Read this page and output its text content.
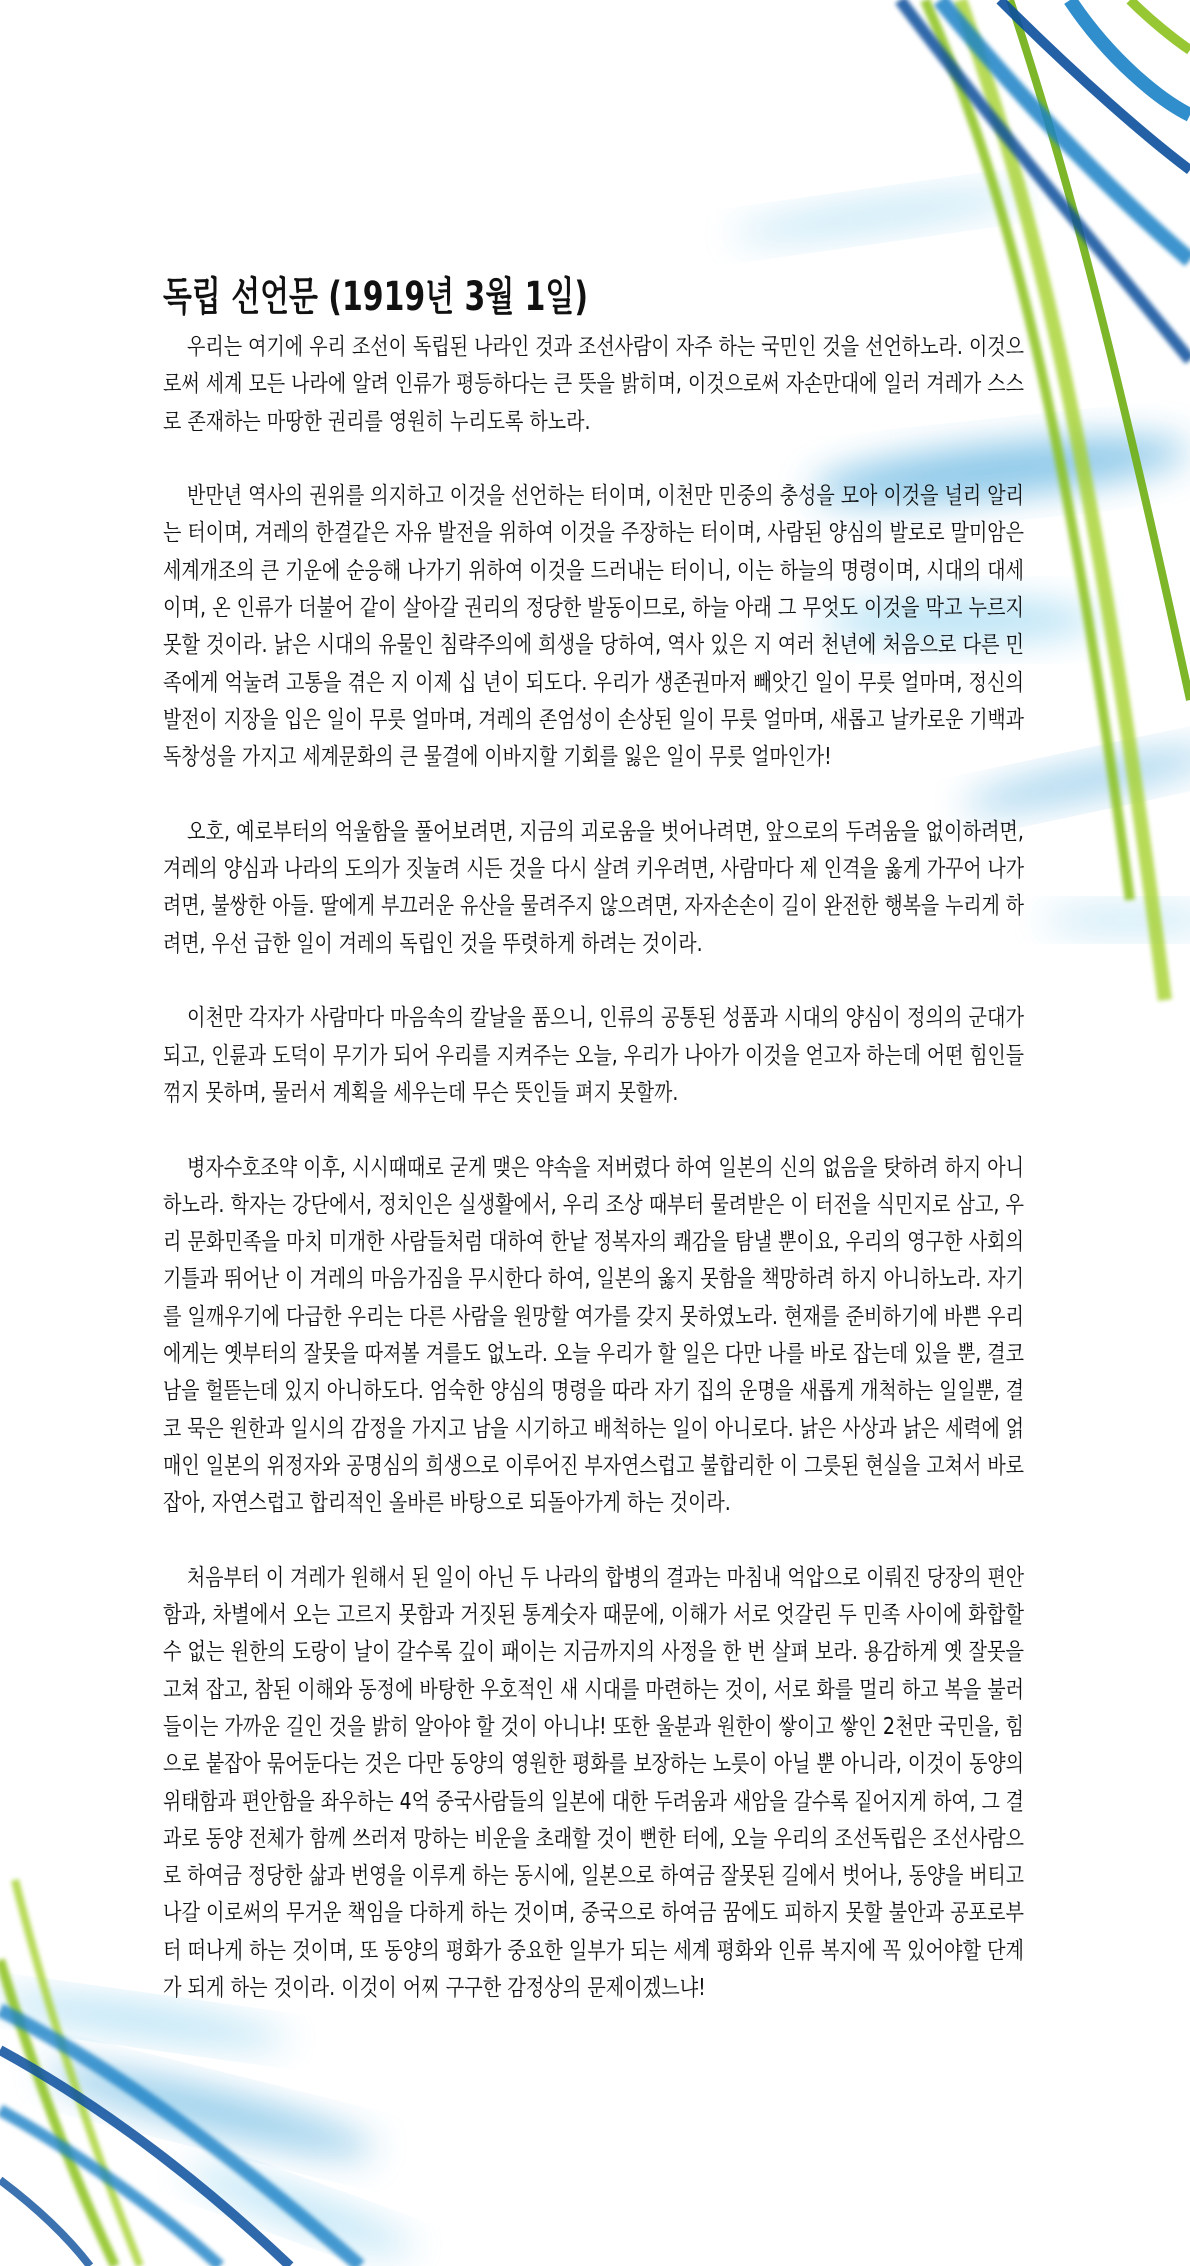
독립 선언문 (1919년 3월 1일)
우리는 여기에 우리 조선이 독립된 나라인 것과 조선사람이 자주 하는 국민인 것을 선언하노라. 이것으
로써 세계 모든 나라에 알려 인류가 평등하다는 큰 뜻을 밝히며, 이것으로써 자손만대에 일러 겨레가 스스
로 존재하는 마땅한 권리를 영원히 누리도록 하노라.
반만년 역사의 권위를 의지하고 이것을 선언하는 터이며, 이천만 민중의 충성을 모아 이것을 널리 알리
는 터이며, 겨레의 한결같은 자유 발전을 위하여 이것을 주장하는 터이며, 사람된 양심의 발로로 말미암은
세계개조의 큰 기운에 순응해 나가기 위하여 이것을 드러내는 터이니, 이는 하늘의 명령이며, 시대의 대세
이며, 온 인류가 더불어 같이 살아갈 권리의 정당한 발동이므로, 하늘 아래 그 무엇도 이것을 막고 누르지
못할 것이라. 낡은 시대의 유물인 침략주의에 희생을 당하여, 역사 있은 지 여러 천년에 처음으로 다른 민
족에게 억눌려 고통을 겪은 지 이제 십 년이 되도다. 우리가 생존권마저 빼앗긴 일이 무릇 얼마며, 정신의
발전이 지장을 입은 일이 무릇 얼마며, 겨레의 존엄성이 손상된 일이 무릇 얼마며, 새롭고 날카로운 기백과
독창성을 가지고 세계문화의 큰 물결에 이바지할 기회를 잃은 일이 무릇 얼마인가!
오호, 예로부터의 억울함을 풀어보려면, 지금의 괴로움을 벗어나려면, 앞으로의 두려움을 없이하려면,
겨레의 양심과 나라의 도의가 짓눌려 시든 것을 다시 살려 키우려면, 사람마다 제 인격을 옳게 가꾸어 나가
려면, 불쌍한 아들. 딸에게 부끄러운 유산을 물려주지 않으려면, 자자손손이 길이 완전한 행복을 누리게 하
려면, 우선 급한 일이 겨레의 독립인 것을 뚜렷하게 하려는 것이라.
이천만 각자가 사람마다 마음속의 칼날을 품으니, 인류의 공통된 성품과 시대의 양심이 정의의 군대가
되고, 인륜과 도덕이 무기가 되어 우리를 지켜주는 오늘, 우리가 나아가 이것을 얻고자 하는데 어떤 힘인들
꺾지 못하며, 물러서 계획을 세우는데 무슨 뜻인들 펴지 못할까.
병자수호조약 이후, 시시때때로 굳게 맺은 약속을 저버렸다 하여 일본의 신의 없음을 탓하려 하지 아니
하노라. 학자는 강단에서, 정치인은 실생활에서, 우리 조상 때부터 물려받은 이 터전을 식민지로 삼고, 우
리 문화민족을 마치 미개한 사람들처럼 대하여 한낱 정복자의 쾌감을 탐낼 뿐이요, 우리의 영구한 사회의
기틀과 뛰어난 이 겨레의 마음가짐을 무시한다 하여, 일본의 옳지 못함을 책망하려 하지 아니하노라. 자기
를 일깨우기에 다급한 우리는 다른 사람을 원망할 여가를 갖지 못하였노라. 현재를 준비하기에 바쁜 우리
에게는 옛부터의 잘못을 따져볼 겨를도 없노라. 오늘 우리가 할 일은 다만 나를 바로 잡는데 있을 뿐, 결코
남을 헐뜯는데 있지 아니하도다. 엄숙한 양심의 명령을 따라 자기 집의 운명을 새롭게 개척하는 일일뿐, 결
코 묵은 원한과 일시의 감정을 가지고 남을 시기하고 배척하는 일이 아니로다. 낡은 사상과 낡은 세력에 얽
매인 일본의 위정자와 공명심의 희생으로 이루어진 부자연스럽고 불합리한 이 그릇된 현실을 고쳐서 바로
잡아, 자연스럽고 합리적인 올바른 바탕으로 되돌아가게 하는 것이라.
처음부터 이 겨레가 원해서 된 일이 아닌 두 나라의 합병의 결과는 마침내 억압으로 이뤄진 당장의 편안
함과, 차별에서 오는 고르지 못함과 거짓된 통계숫자 때문에, 이해가 서로 엇갈린 두 민족 사이에 화합할
수 없는 원한의 도랑이 날이 갈수록 깊이 패이는 지금까지의 사정을 한 번 살펴 보라. 용감하게 옛 잘못을
고쳐 잡고, 참된 이해와 동정에 바탕한 우호적인 새 시대를 마련하는 것이, 서로 화를 멀리 하고 복을 불러
들이는 가까운 길인 것을 밝히 알아야 할 것이 아니냐! 또한 울분과 원한이 쌓이고 쌓인 2천만 국민을, 힘
으로 붙잡아 묶어둔다는 것은 다만 동양의 영원한 평화를 보장하는 노릇이 아닐 뿐 아니라, 이것이 동양의
위태함과 편안함을 좌우하는 4억 중국사람들의 일본에 대한 두려움과 새암을 갈수록 짙어지게 하여, 그 결
과로 동양 전체가 함께 쓰러져 망하는 비운을 초래할 것이 뻔한 터에, 오늘 우리의 조선독립은 조선사람으
로 하여금 정당한 삶과 번영을 이루게 하는 동시에, 일본으로 하여금 잘못된 길에서 벗어나, 동양을 버티고
나갈 이로써의 무거운 책임을 다하게 하는 것이며, 중국으로 하여금 꿈에도 피하지 못할 불안과 공포로부
터 떠나게 하는 것이며, 또 동양의 평화가 중요한 일부가 되는 세계 평화와 인류 복지에 꼭 있어야할 단계
가 되게 하는 것이라. 이것이 어찌 구구한 감정상의 문제이겠느냐!
